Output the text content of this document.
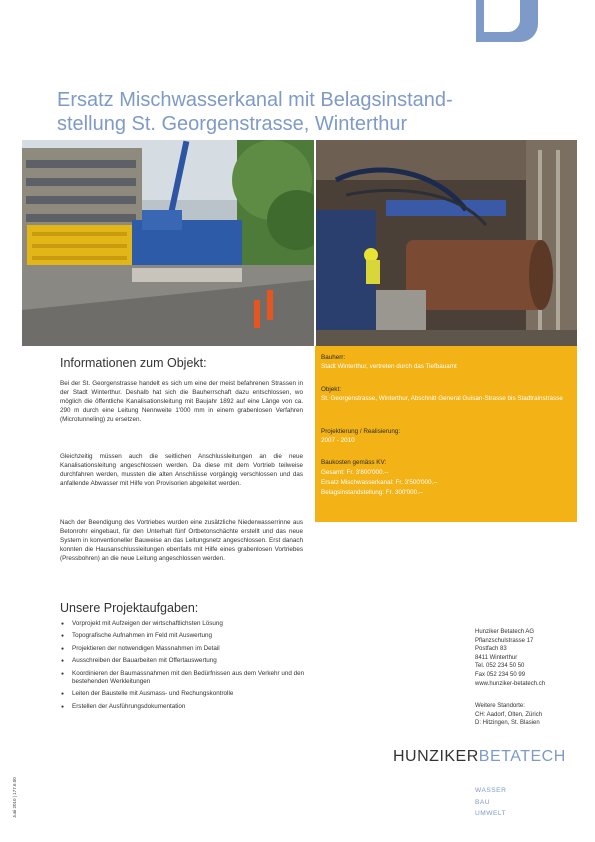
Ersatz Mischwasserkanal mit Belagsinstand-
stellung St. Georgenstrasse, Winterthur
Informationen zum Objekt:

Bei der St. Georgenstrasse handelt es sich um eine der meist befahrenen Strassen in der Stadt Winterthur. Deshalb hat sich die Bauherrschaft dazu entschlossen, wo möglich die öffentliche Kanalisationsleitung mit Baujahr 1892 auf eine Länge von ca. 290 m durch eine Leitung Nennweite 1'000 mm in einem grabenlosen Verfahren (Microtunneling) zu ersetzen.

Gleichzeitig müssen auch die seitlichen Anschlussleitungen an die neue Kanalisationsleitung angeschlossen werden. Da diese mit dem Vortrieb teilweise durchfahren werden, mussten die alten Anschlüsse vorgängig verschlossen und das anfallende Abwasser mit Hilfe von Provisorien abgeleitet werden.

Nach der Beendigung des Vortriebes wurden eine zusätzliche Niederwasserrinne aus Betonrohr eingebaut, für den Unterhalt fünf Ortbetonschächte erstellt und das neue System in konventioneller Bauweise an das Leitungsnetz angeschlossen. Erst danach konnten die Hausanschlussleitungen ebenfalls mit Hilfe eines grabenlosen Vortriebes (Pressbohren) an die neue Leitung angeschlossen werden.

Unsere Projektaufgaben:
● Vorprojekt mit Aufzeigen der wirtschaftlichsten Lösung
● Topografische Aufnahmen im Feld mit Auswertung
● Projektieren der notwendigen Massnahmen im Detail
● Ausschreiben der Bauarbeiten mit Offertauswertung
● Koordinieren der Baumassnahmen mit den Bedürfnissen aus dem Verkehr und den bestehenden Werkleitungen
● Leiten der Baustelle mit Ausmass- und Rechungskontrolle
● Erstellen der Ausführungsdokumentation

Bauherr:

Stadt Winterthur, vertreten durch das Tiefbauamt

Objekt:

St. Georgenstrasse, Winterthur, Abschnitt General Guisan-Strasse bis Stadtrainstrasse

Projektierung / Realisierung:

2007 - 2010

Baukosten gemäss KV:

Gesamt: Fr. 3'800'000.--

Ersatz Mischwasserkanal: Fr. 3'500'000.--

Belagsinstandstellung: Fr. 300'000.--

Hunziker Betatech AG
Pflanzschulstrasse 17
Postfach 83
8411 Winterthur
Tel. 052 234 50 50
Fax 052 234 50 99
www.hunziker-betatech.ch
Weitere Standorte:
CH: Aadorf, Olten, Zürich
D: Hitzingen, St. Blasien
HUNZIKERBETATECH
WASSER
BAU
UMWELT
Juni 2010 | 177.6.00
